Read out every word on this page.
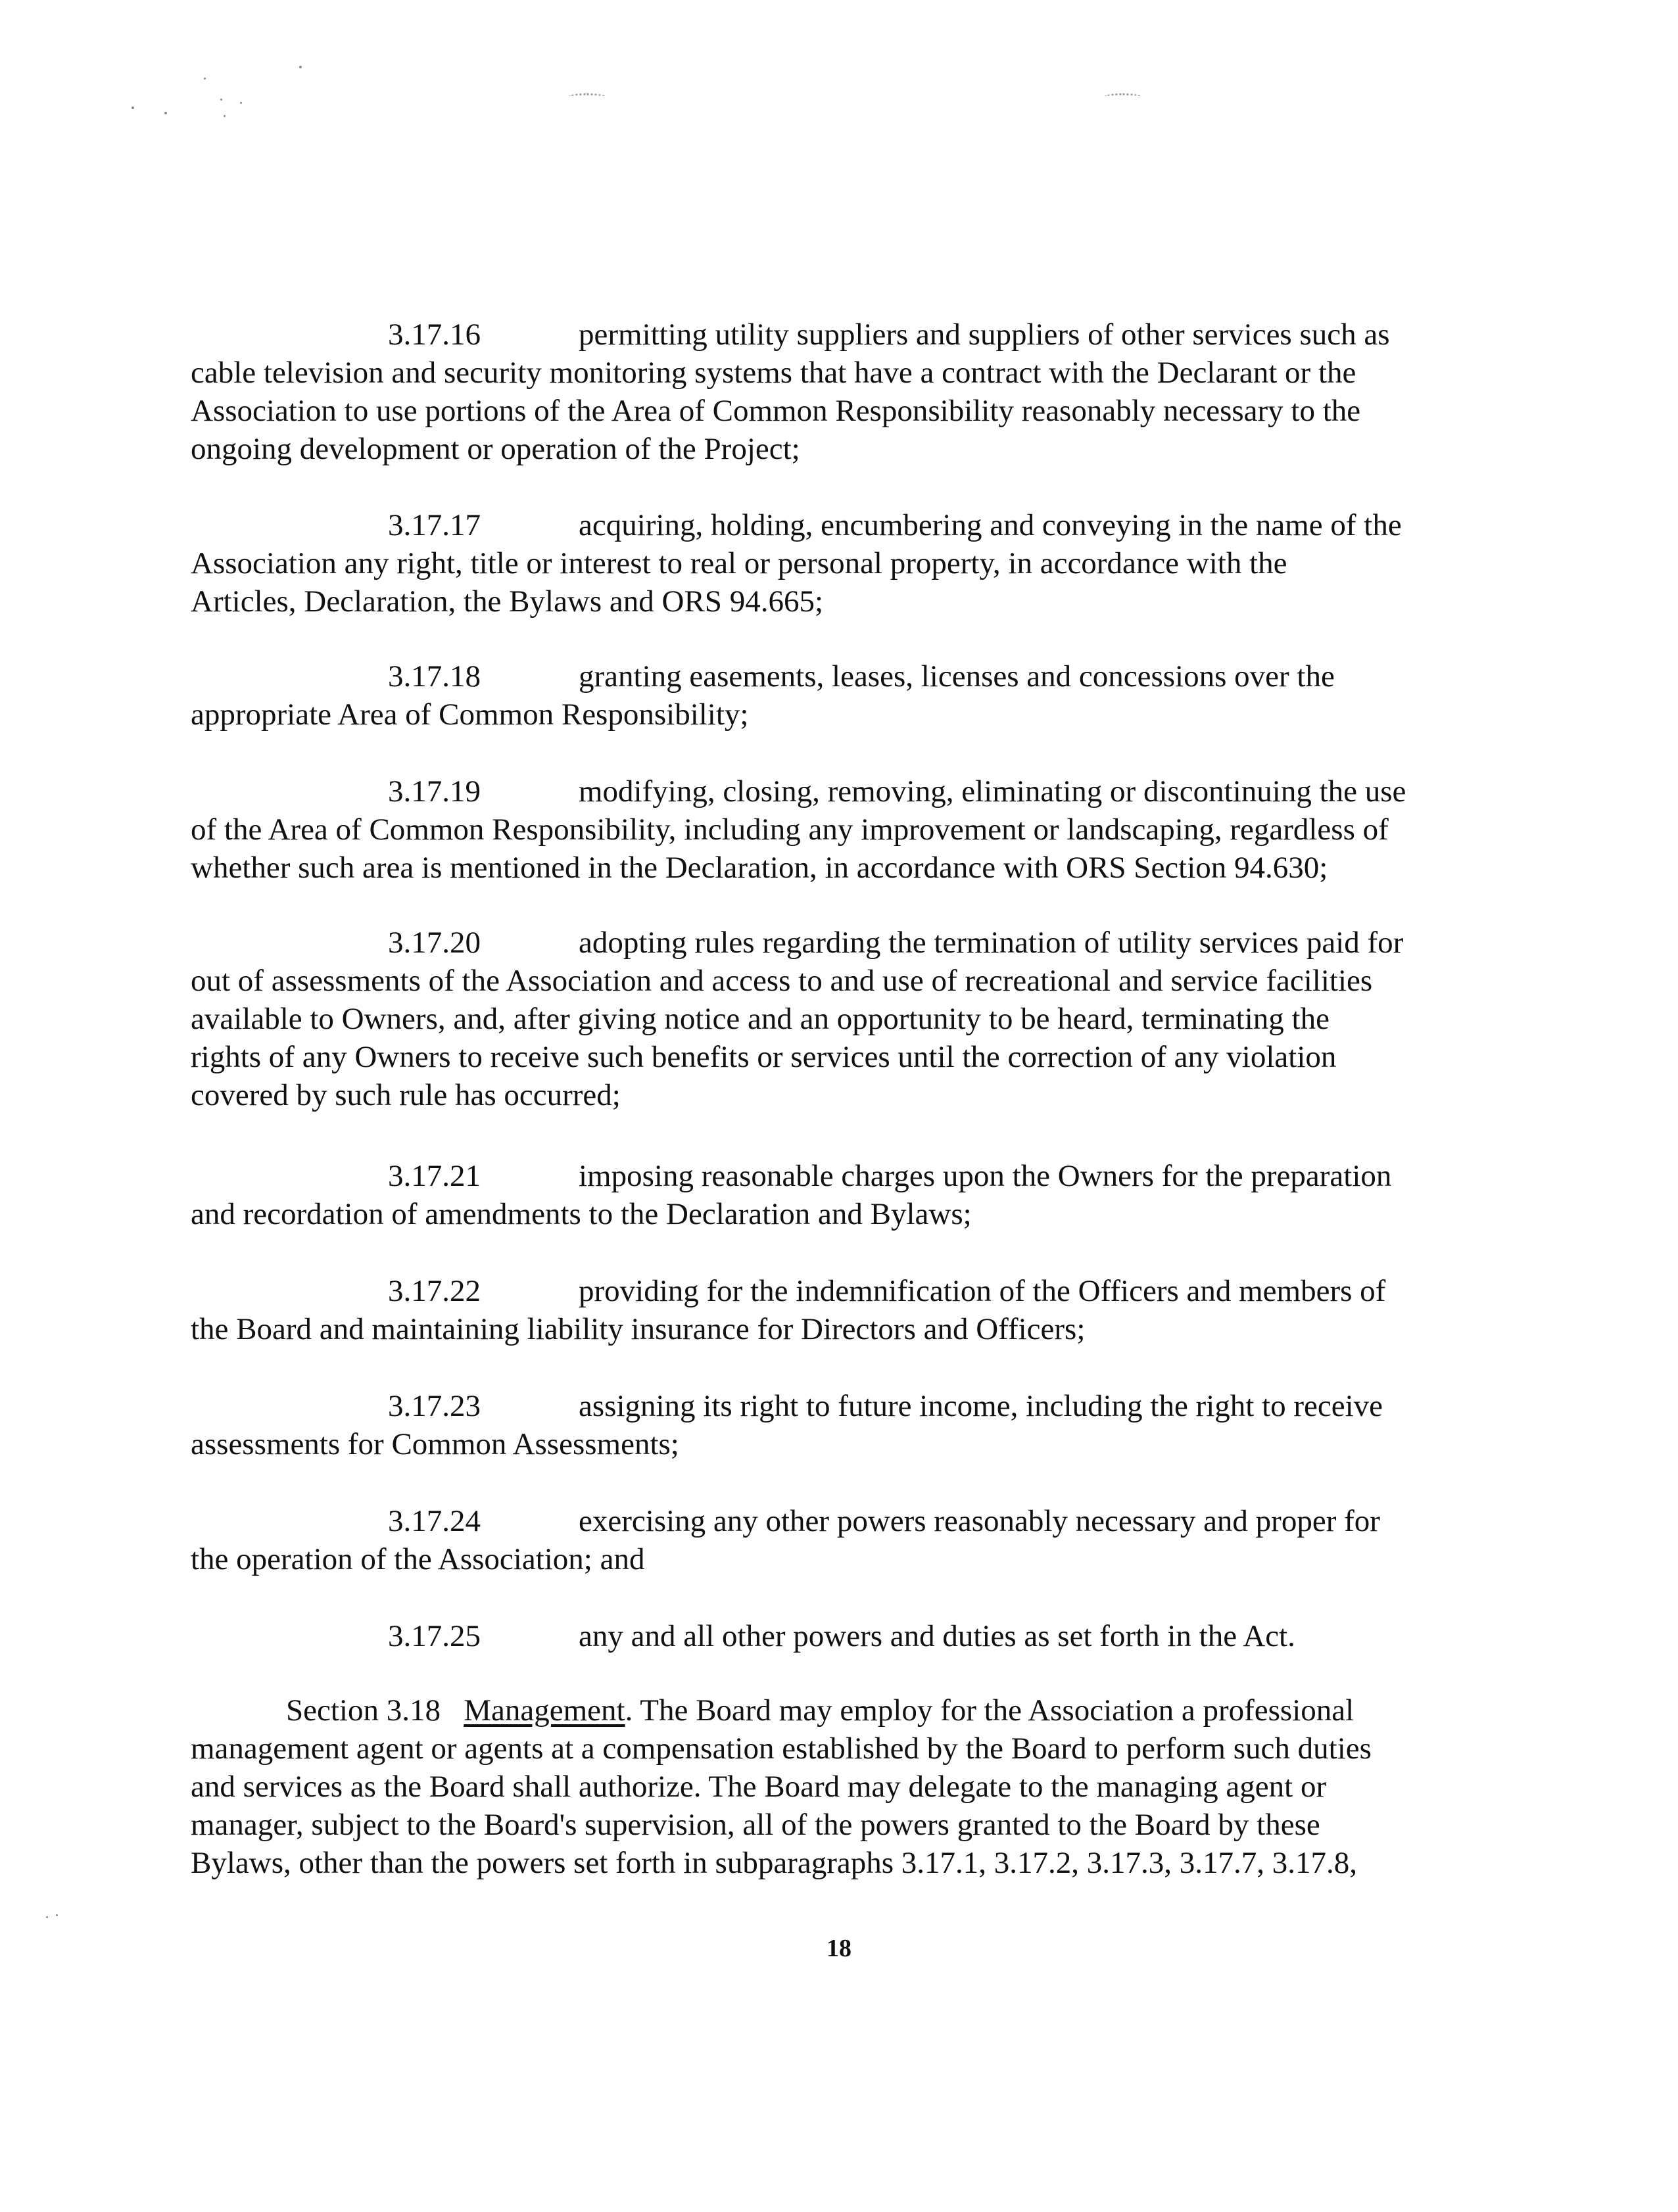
3.17.16	permitting utility suppliers and suppliers of other services such as
cable television and security monitoring systems that have a contract with the Declarant or the
Association to use portions of the Area of Common Responsibility reasonably necessary to the
ongoing development or operation of the Project;
3.17.17	acquiring, holding, encumbering and conveying in the name of the
Association any right, title or interest to real or personal property, in accordance with the
Articles, Declaration, the Bylaws and ORS 94.665;
3.17.18	granting easements, leases, licenses and concessions over the
appropriate Area of Common Responsibility;
3.17.19	modifying, closing, removing, eliminating or discontinuing the use
of the Area of Common Responsibility, including any improvement or landscaping, regardless of
whether such area is mentioned in the Declaration, in accordance with ORS Section 94.630;
3.17.20	adopting rules regarding the termination of utility services paid for
out of assessments of the Association and access to and use of recreational and service facilities
available to Owners, and, after giving notice and an opportunity to be heard, terminating the
rights of any Owners to receive such benefits or services until the correction of any violation
covered by such rule has occurred;
3.17.21	imposing reasonable charges upon the Owners for the preparation
and recordation of amendments to the Declaration and Bylaws;
3.17.22	providing for the indemnification of the Officers and members of
the Board and maintaining liability insurance for Directors and Officers;
3.17.23	assigning its right to future income, including the right to receive
assessments for Common Assessments;
3.17.24	exercising any other powers reasonably necessary and proper for
the operation of the Association; and
3.17.25	any and all other powers and duties as set forth in the Act.
Section 3.18 Management. The Board may employ for the Association a professional
management agent or agents at a compensation established by the Board to perform such duties
and services as the Board shall authorize. The Board may delegate to the managing agent or
manager, subject to the Board's supervision, all of the powers granted to the Board by these
Bylaws, other than the powers set forth in subparagraphs 3.17.1, 3.17.2, 3.17.3, 3.17.7, 3.17.8,
18
